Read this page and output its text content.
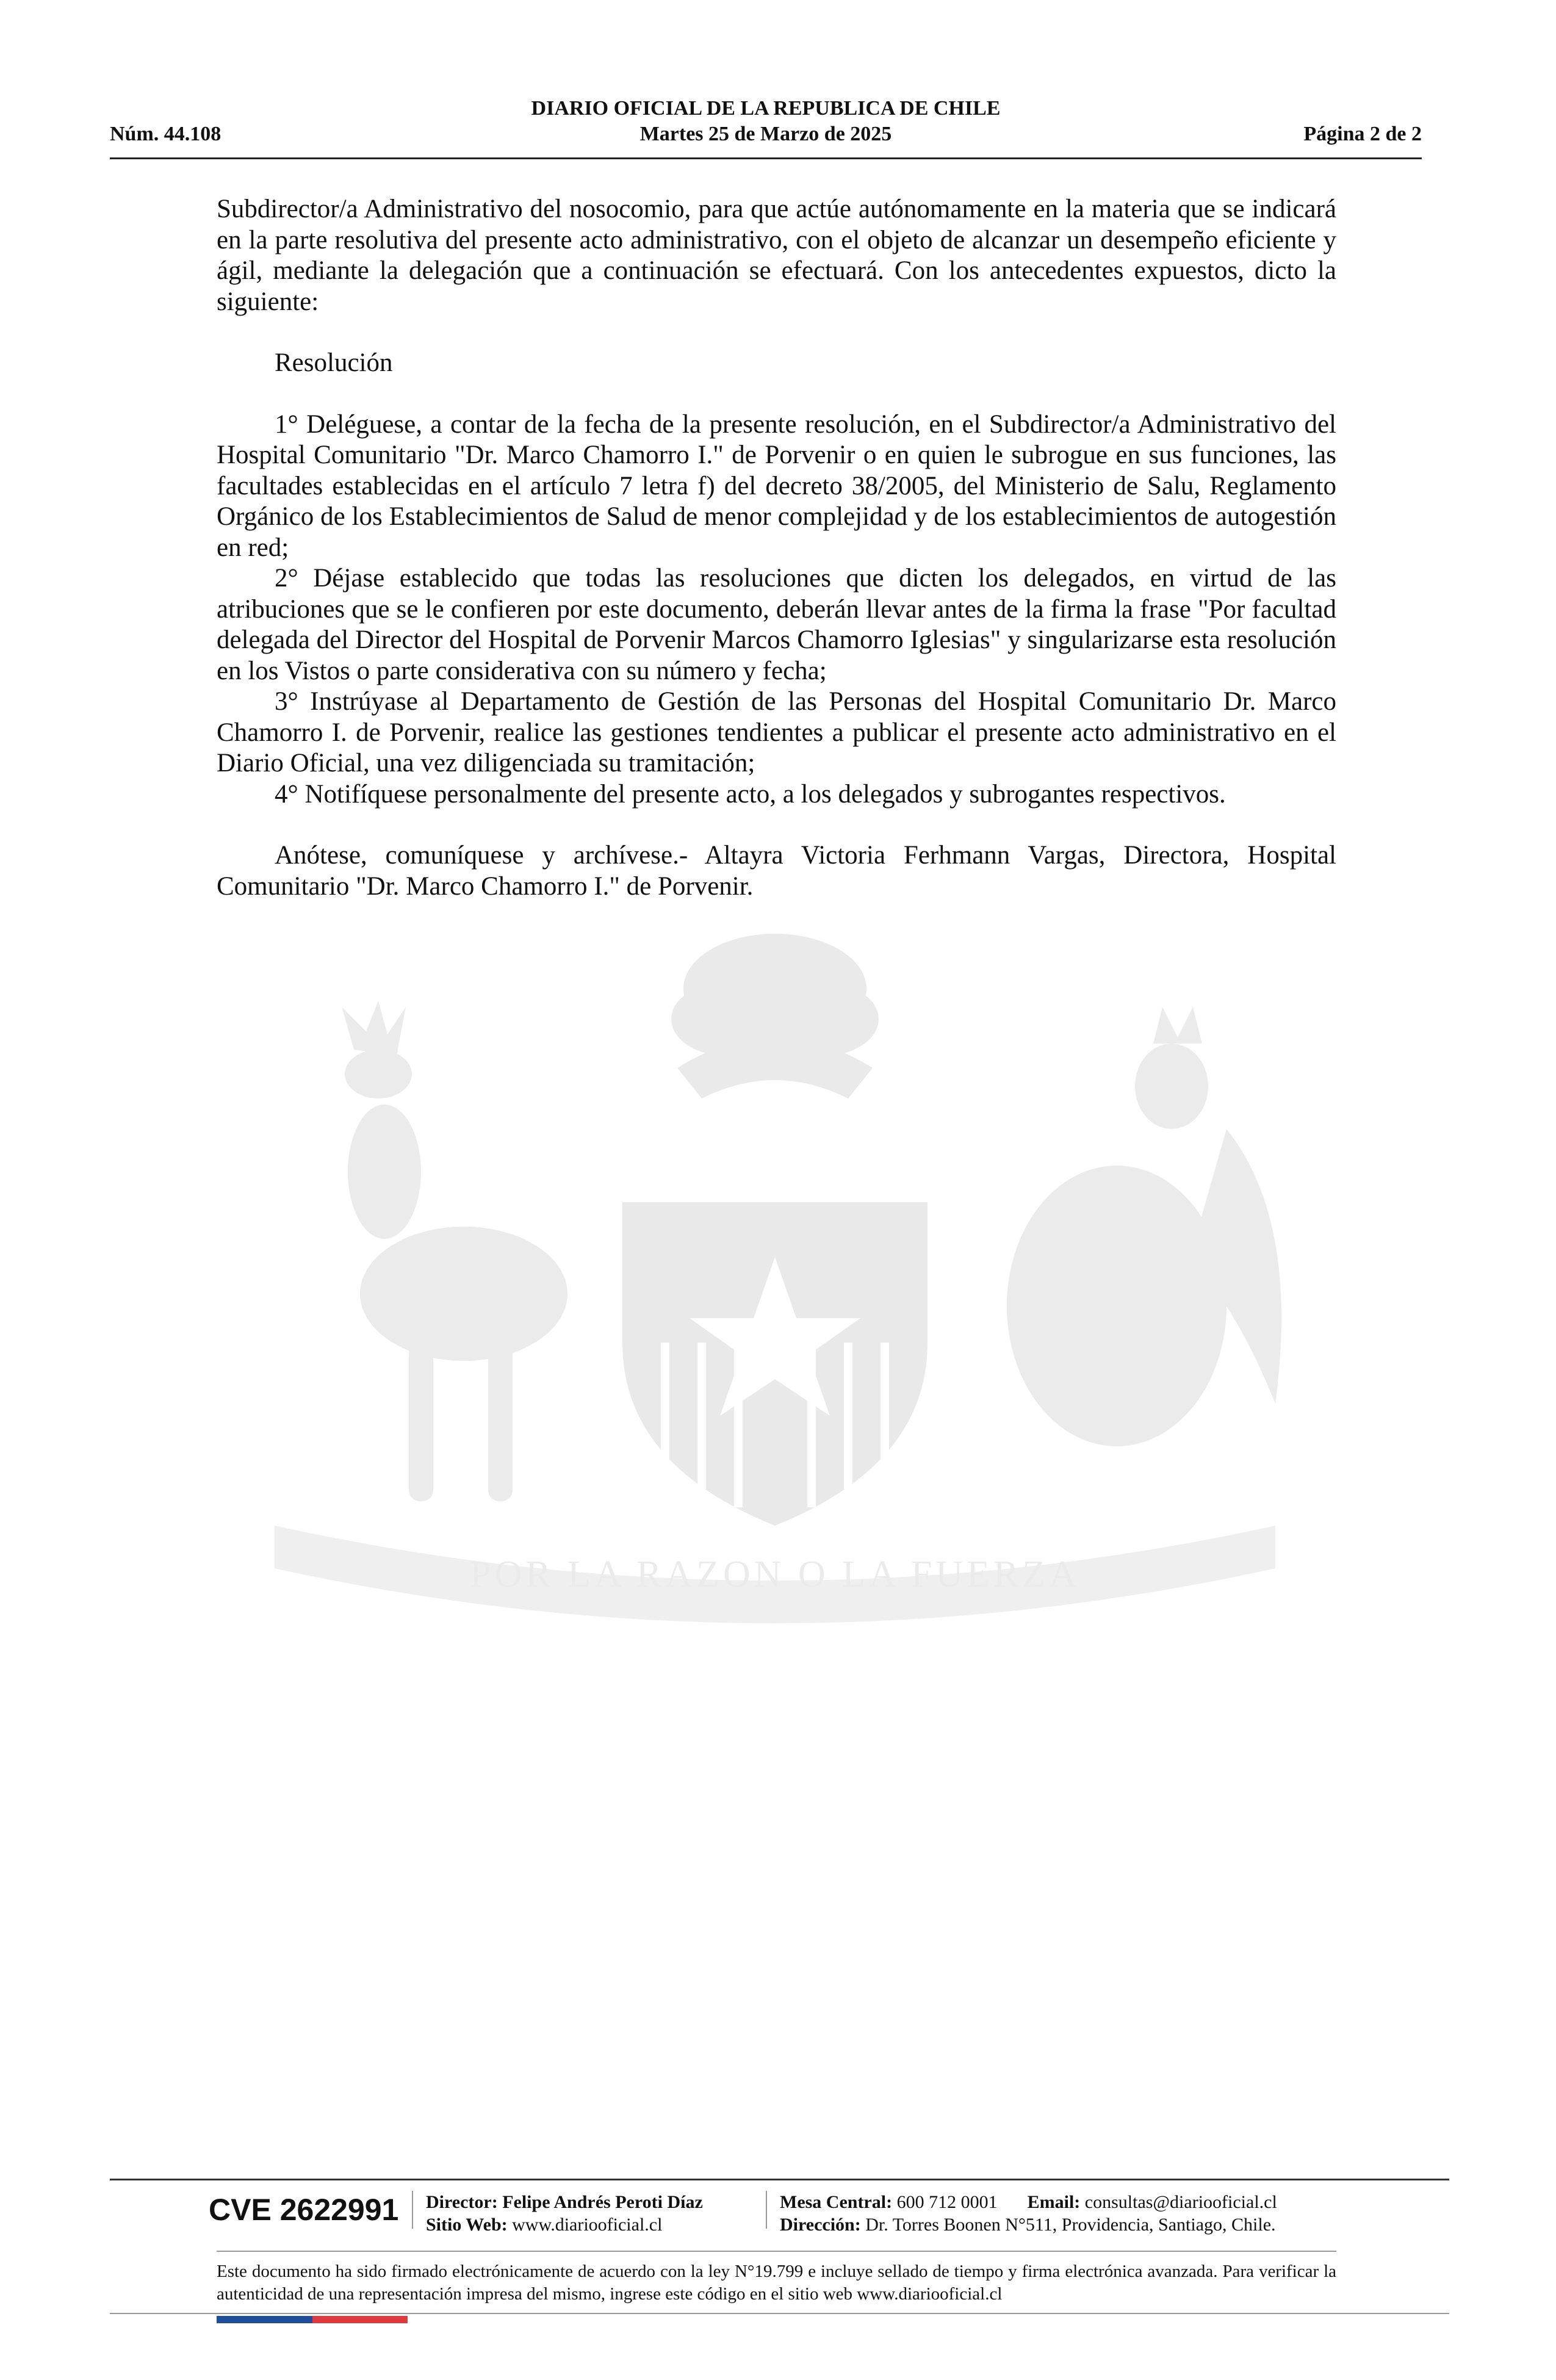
DIARIO OFICIAL DE LA REPUBLICA DE CHILE
Núm. 44.108	Martes 25 de Marzo de 2025	Página 2 de 2
POR LA RAZON O LA FUERZA

Subdirector/a Administrativo del nosocomio, para que actúe autónomamente en la materia que se indicará en la parte resolutiva del presente acto administrativo, con el objeto de alcanzar un desempeño eficiente y ágil, mediante la delegación que a continuación se efectuará. Con los antecedentes expuestos, dicto la siguiente:

Resolución

1° Deléguese, a contar de la fecha de la presente resolución, en el Subdirector/a Administrativo del Hospital Comunitario "Dr. Marco Chamorro I." de Porvenir o en quien le subrogue en sus funciones, las facultades establecidas en el artículo 7 letra f) del decreto 38/2005, del Ministerio de Salu, Reglamento Orgánico de los Establecimientos de Salud de menor complejidad y de los establecimientos de autogestión en red;

2° Déjase establecido que todas las resoluciones que dicten los delegados, en virtud de las atribuciones que se le confieren por este documento, deberán llevar antes de la firma la frase "Por facultad delegada del Director del Hospital de Porvenir Marcos Chamorro Iglesias" y singularizarse esta resolución en los Vistos o parte considerativa con su número y fecha;

3° Instrúyase al Departamento de Gestión de las Personas del Hospital Comunitario Dr. Marco Chamorro I. de Porvenir, realice las gestiones tendientes a publicar el presente acto administrativo en el Diario Oficial, una vez diligenciada su tramitación;

4° Notifíquese personalmente del presente acto, a los delegados y subrogantes respectivos.

Anótese, comuníquese y archívese.- Altayra Victoria Ferhmann Vargas, Directora, Hospital Comunitario "Dr. Marco Chamorro I." de Porvenir.

CVE 2622991 Director: Felipe Andrés Peroti Díaz
Sitio Web: www.diariooficial.cl
Mesa Central: 600 712 0001 Email: consultas@diariooficial.cl
Dirección: Dr. Torres Boonen N°511, Providencia, Santiago, Chile.
Este documento ha sido firmado electrónicamente de acuerdo con la ley N°19.799 e incluye sellado de tiempo y firma electrónica avanzada. Para verificar la autenticidad de una representación impresa del mismo, ingrese este código en el sitio web www.diariooficial.cl
